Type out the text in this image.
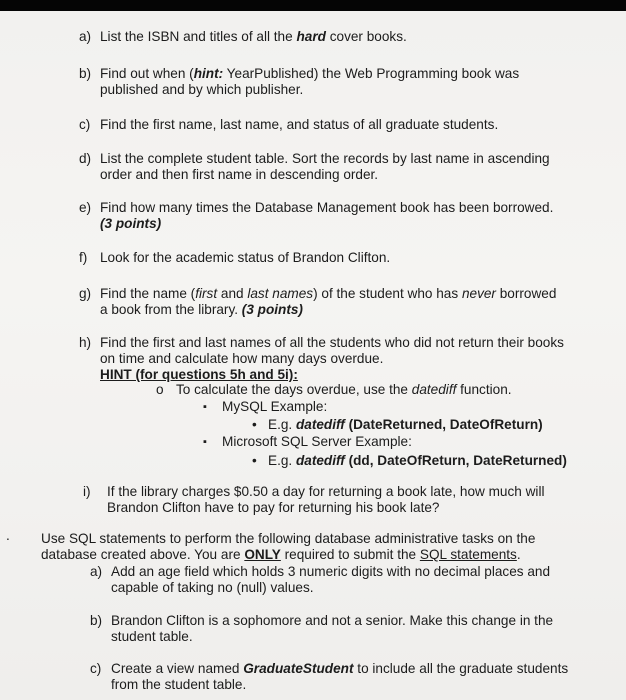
a) List the ISBN and titles of all the hard cover books.
b) Find out when (hint: YearPublished) the Web Programming book was
published and by which publisher.
c) Find the first name, last name, and status of all graduate students.
d) List the complete student table. Sort the records by last name in ascending
order and then first name in descending order.
e) Find how many times the Database Management book has been borrowed.
(3 points)
f) Look for the academic status of Brandon Clifton.
g) Find the name (first and last names) of the student who has never borrowed
a book from the library. (3 points)
h) Find the first and last names of all the students who did not return their books
on time and calculate how many days overdue.
HINT (for questions 5h and 5i):
o To calculate the days overdue, use the datediff function.
▪ MySQL Example:
• E.g. datediff (DateReturned, DateOfReturn)
▪ Microsoft SQL Server Example:
• E.g. datediff (dd, DateOfReturn, DateReturned)
i) If the library charges $0.50 a day for returning a book late, how much will
Brandon Clifton have to pay for returning his book late?
. Use SQL statements to perform the following database administrative tasks on the
database created above. You are ONLY required to submit the SQL statements.
a) Add an age field which holds 3 numeric digits with no decimal places and
capable of taking no (null) values.
b) Brandon Clifton is a sophomore and not a senior. Make this change in the
student table.
c) Create a view named GraduateStudent to include all the graduate students
from the student table.
